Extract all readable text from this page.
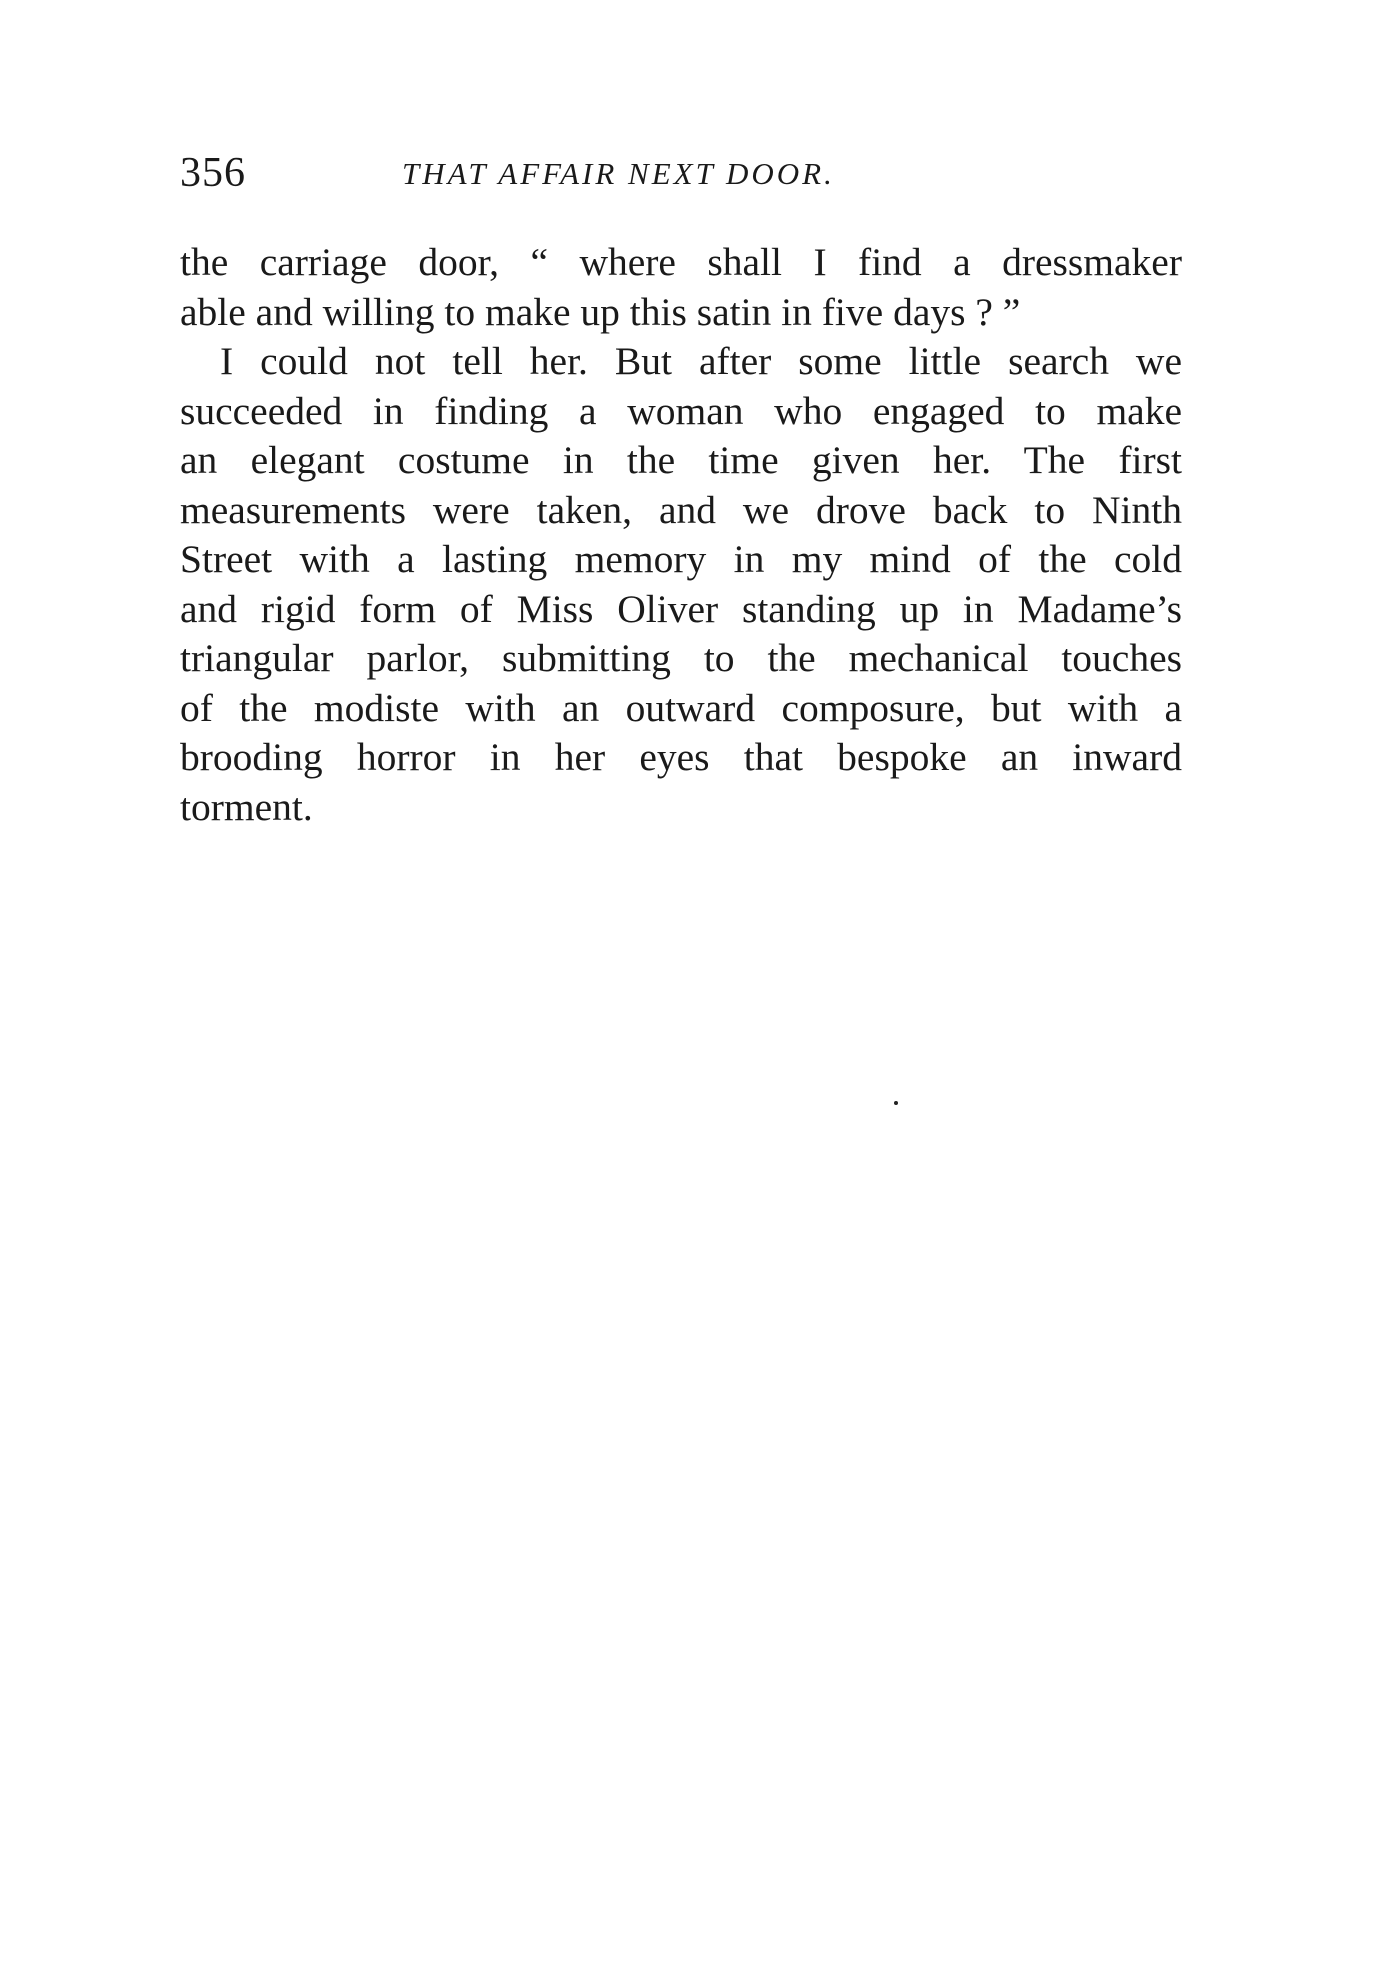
356	THAT AFFAIR NEXT DOOR.

the carriage door, “ where shall I find a dressmaker
able and willing to make up this satin in five days ? ”

I could not tell her. But after some little search we
succeeded in finding a woman who engaged to make
an elegant costume in the time given her. The first
measurements were taken, and we drove back to Ninth
Street with a lasting memory in my mind of the cold
and rigid form of Miss Oliver standing up in Madame’s
triangular parlor, submitting to the mechanical touches
of the modiste with an outward composure, but with a
brooding horror in her eyes that bespoke an inward
torment.
